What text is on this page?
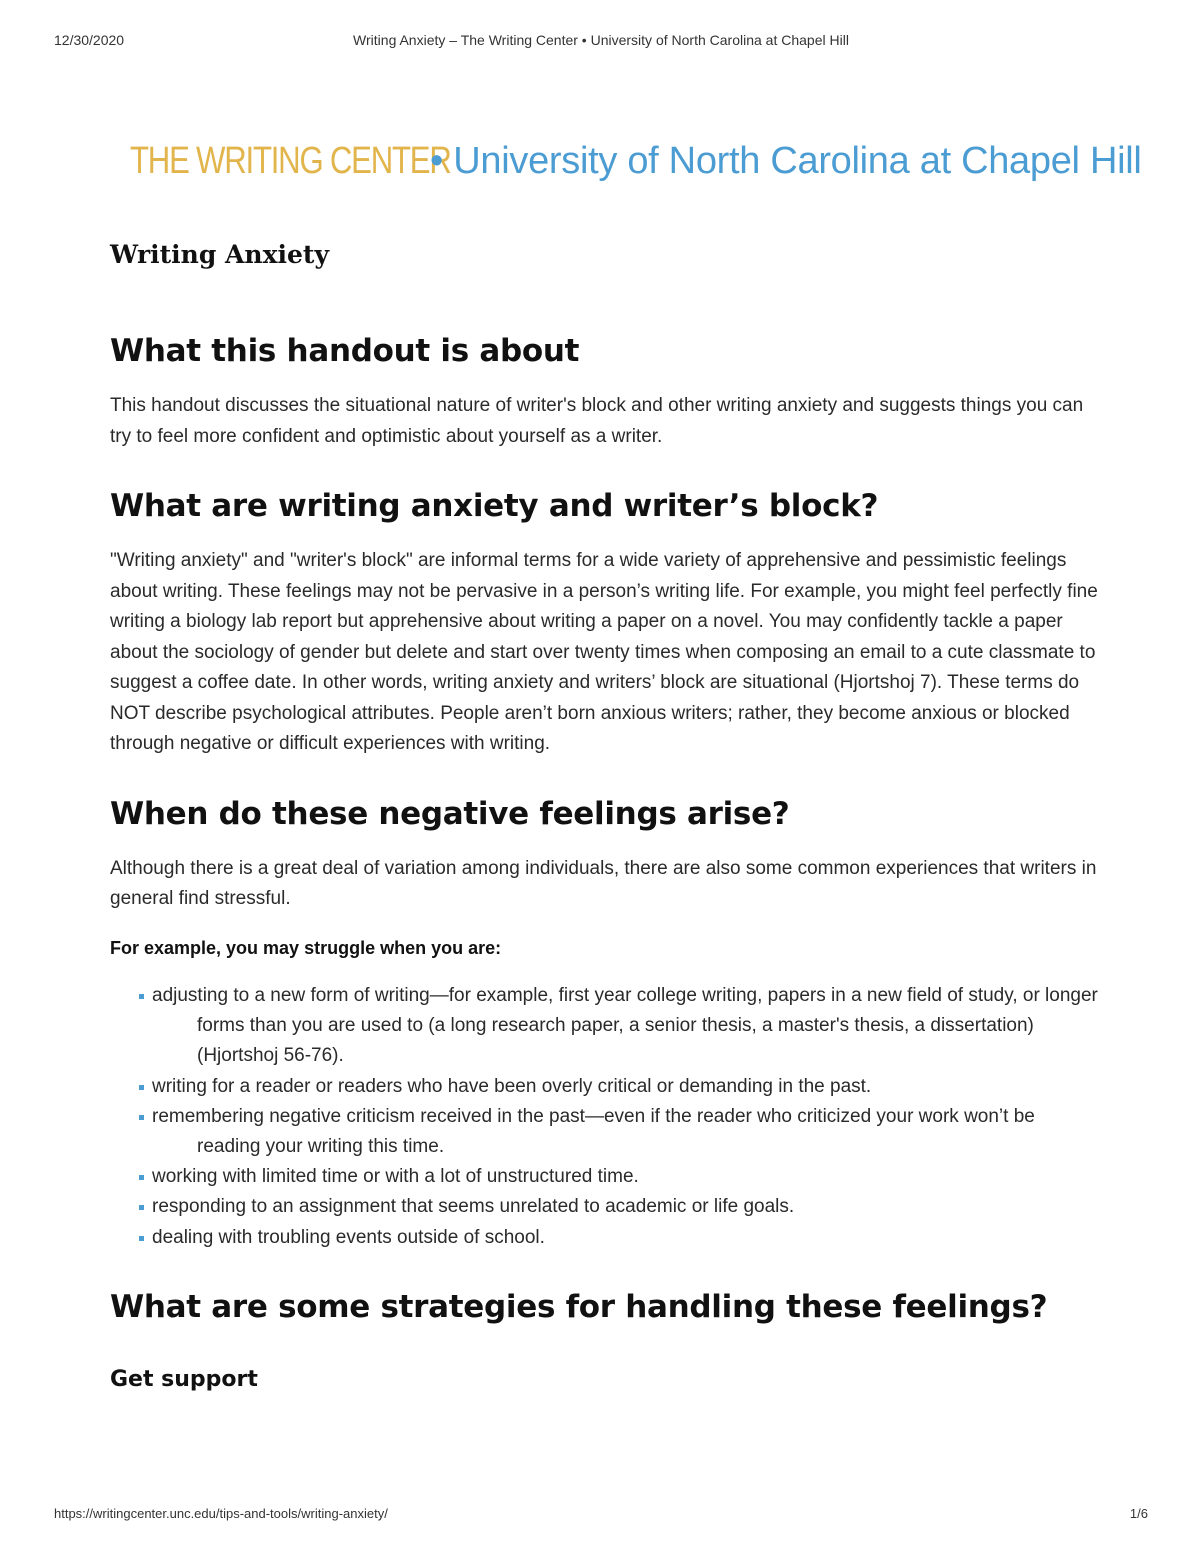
12/30/2020	Writing Anxiety – The Writing Center • University of North Carolina at Chapel Hill
THE WRITING CENTER
• University of North Carolina at Chapel Hill
Writing Anxiety
What this handout is about

This handout discusses the situational nature of writer's block and other writing anxiety and suggests things you can try to feel more confident and optimistic about yourself as a writer.

What are writing anxiety and writer’s block?

"Writing anxiety" and "writer's block" are informal terms for a wide variety of apprehensive and pessimistic feelings about writing. These feelings may not be pervasive in a person’s writing life. For example, you might feel perfectly fine writing a biology lab report but apprehensive about writing a paper on a novel. You may confidently tackle a paper about the sociology of gender but delete and start over twenty times when composing an email to a cute classmate to suggest a coffee date. In other words, writing anxiety and writers’ block are situational (Hjortshoj 7). These terms do NOT describe psychological attributes. People aren’t born anxious writers; rather, they become anxious or blocked through negative or difficult experiences with writing.

When do these negative feelings arise?

Although there is a great deal of variation among individuals, there are also some common experiences that writers in general find stressful.

For example, you may struggle when you are:

adjusting to a new form of writing—for example, first year college writing, papers in a new field of study, or longer forms than you are used to (a long research paper, a senior thesis, a master's thesis, a dissertation) (Hjortshoj 56-76).
writing for a reader or readers who have been overly critical or demanding in the past.
remembering negative criticism received in the past—even if the reader who criticized your work won’t be reading your writing this time.
working with limited time or with a lot of unstructured time.
responding to an assignment that seems unrelated to academic or life goals.
dealing with troubling events outside of school.
What are some strategies for handling these feelings?
Get support
https://writingcenter.unc.edu/tips-and-tools/writing-anxiety/	1/6
